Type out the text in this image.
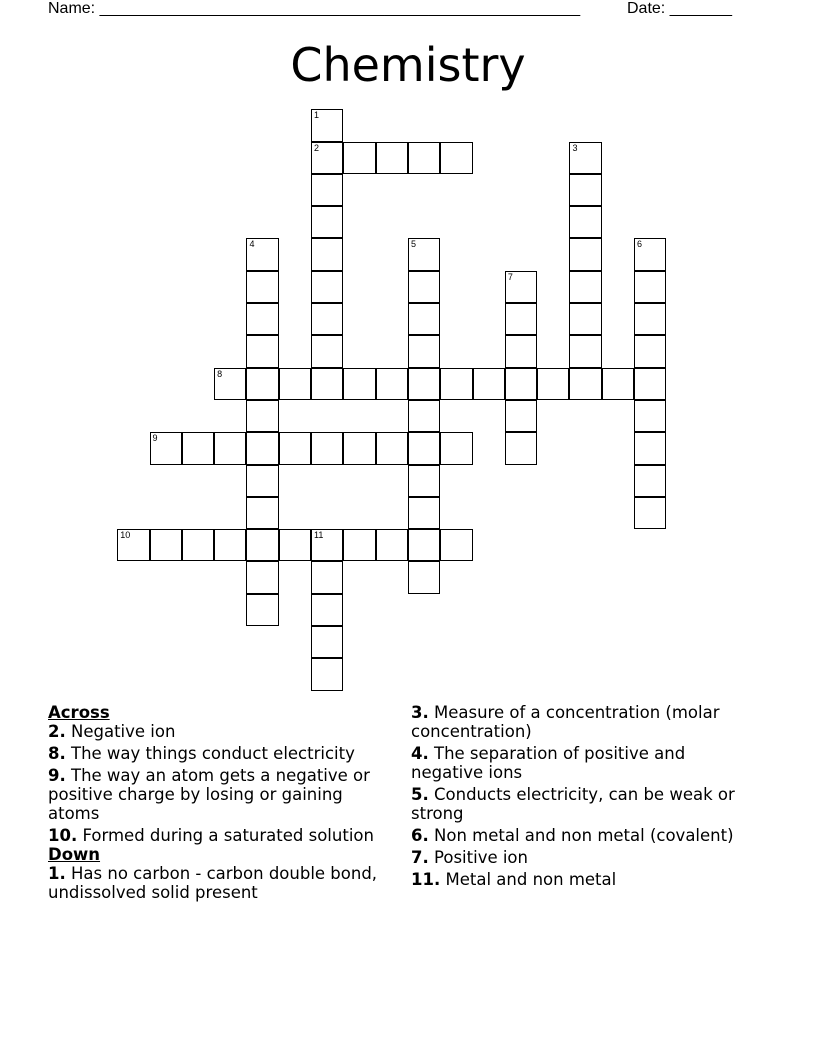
Name: ______________________________________________________	Date: _______
Chemistry
1
2	3
4	5	6
7
8
9
10	11
Across
2. Negative ion
8. The way things conduct electricity
9. The way an atom gets a negative or positive charge by losing or gaining atoms
10. Formed during a saturated solution
Down
1. Has no carbon - carbon double bond, undissolved solid present
3. Measure of a concentration (molar concentration)
4. The separation of positive and negative ions
5. Conducts electricity, can be weak or strong
6. Non metal and non metal (covalent)
7. Positive ion
11. Metal and non metal
